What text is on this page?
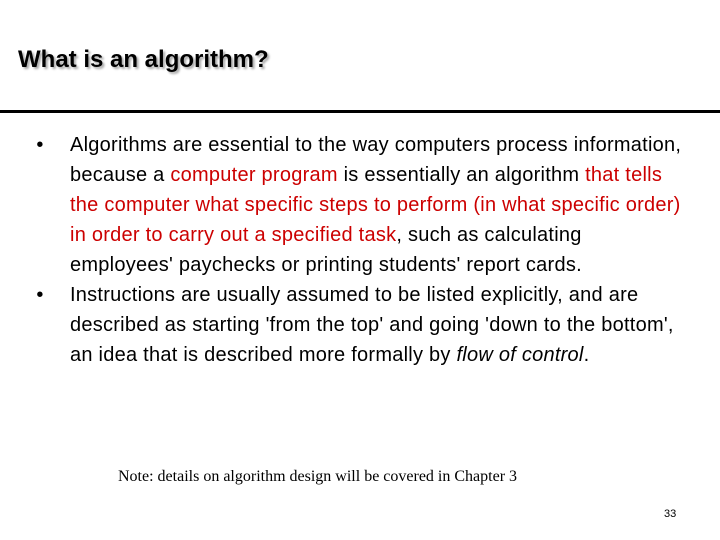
What is an algorithm?
•	Algorithms are essential to the way computers process information, because a computer program is essentially an algorithm that tells the computer what specific steps to perform (in what specific order) in order to carry out a specified task, such as calculating employees' paychecks or printing students' report cards.
•	Instructions are usually assumed to be listed explicitly, and are described as starting 'from the top' and going 'down to the bottom', an idea that is described more formally by flow of control.
Note: details on algorithm design will be covered in Chapter 3
33
